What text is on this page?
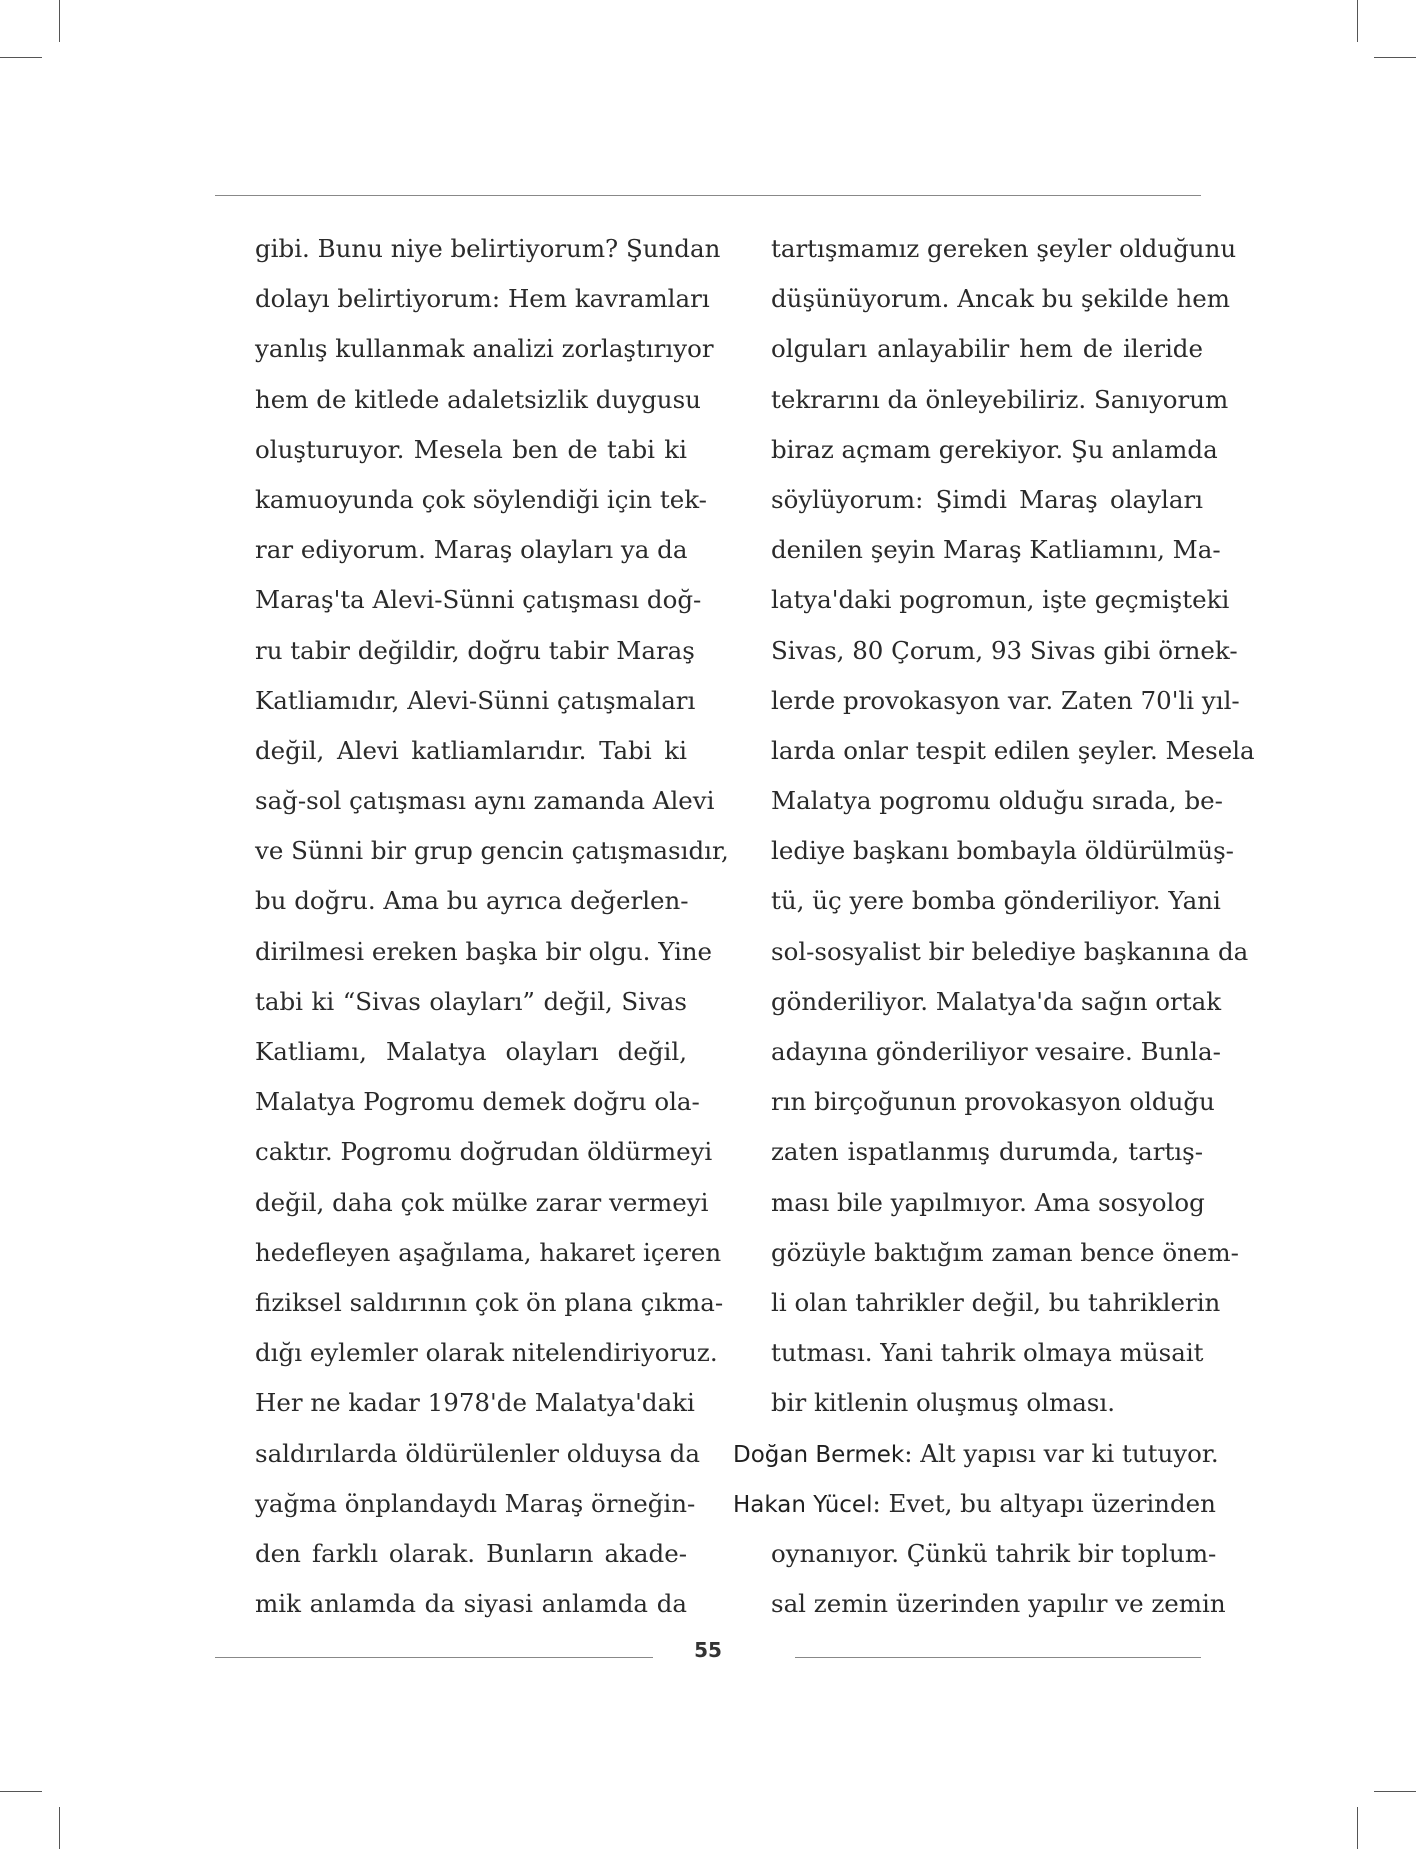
gibi. Bunu niye belirtiyorum? Şundan
dolayı belirtiyorum: Hem kavramları
yanlış kullanmak analizi zorlaştırıyor
hem de kitlede adaletsizlik duygusu
oluşturuyor. Mesela ben de tabi ki
kamuoyunda çok söylendiği için tek-
rar ediyorum. Maraş olayları ya da
Maraş'ta Alevi-Sünni çatışması doğ-
ru tabir değildir, doğru tabir Maraş
Katliamıdır, Alevi-Sünni çatışmaları
değil, Alevi katliamlarıdır. Tabi ki
sağ-sol çatışması aynı zamanda Alevi
ve Sünni bir grup gencin çatışmasıdır,
bu doğru. Ama bu ayrıca değerlen-
dirilmesi ereken başka bir olgu. Yine
tabi ki “Sivas olayları” değil, Sivas
Katliamı, Malatya olayları değil,
Malatya Pogromu demek doğru ola-
caktır. Pogromu doğrudan öldürmeyi
değil, daha çok mülke zarar vermeyi
hedefleyen aşağılama, hakaret içeren
fiziksel saldırının çok ön plana çıkma-
dığı eylemler olarak nitelendiriyoruz.
Her ne kadar 1978'de Malatya'daki
saldırılarda öldürülenler olduysa da
yağma önplandaydı Maraş örneğin-
den farklı olarak. Bunların akade-
mik anlamda da siyasi anlamda da
tartışmamız gereken şeyler olduğunu
düşünüyorum. Ancak bu şekilde hem
olguları anlayabilir hem de ileride
tekrarını da önleyebiliriz. Sanıyorum
biraz açmam gerekiyor. Şu anlamda
söylüyorum: Şimdi Maraş olayları
denilen şeyin Maraş Katliamını, Ma-
latya'daki pogromun, işte geçmişteki
Sivas, 80 Çorum, 93 Sivas gibi örnek-
lerde provokasyon var. Zaten 70'li yıl-
larda onlar tespit edilen şeyler. Mesela
Malatya pogromu olduğu sırada, be-
lediye başkanı bombayla öldürülmüş-
tü, üç yere bomba gönderiliyor. Yani
sol-sosyalist bir belediye başkanına da
gönderiliyor. Malatya'da sağın ortak
adayına gönderiliyor vesaire. Bunla-
rın birçoğunun provokasyon olduğu
zaten ispatlanmış durumda, tartış-
ması bile yapılmıyor. Ama sosyolog
gözüyle baktığım zaman bence önem-
li olan tahrikler değil, bu tahriklerin
tutması. Yani tahrik olmaya müsait
bir kitlenin oluşmuş olması.
Doğan Bermek: Alt yapısı var ki tutuyor.
Hakan Yücel: Evet, bu altyapı üzerinden
oynanıyor. Çünkü tahrik bir toplum-
sal zemin üzerinden yapılır ve zemin
55
